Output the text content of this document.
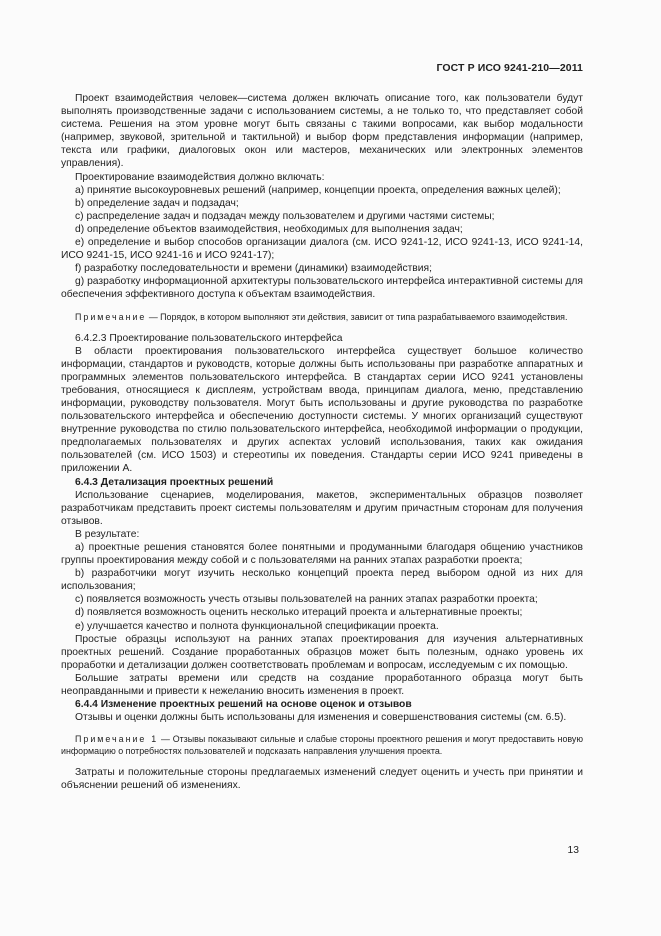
ГОСТ Р ИСО 9241-210—2011

Проект взаимодействия человек—система должен включать описание того, как пользователи будут выполнять производственные задачи с использованием системы, а не только то, что представляет собой система. Решения на этом уровне могут быть связаны с такими вопросами, как выбор модальности (например, звуковой, зрительной и тактильной) и выбор форм представления информации (например, текста или графики, диалоговых окон или мастеров, механических или электронных элементов управления).

Проектирование взаимодействия должно включать:

a) принятие высокоуровневых решений (например, концепции проекта, определения важных целей);

b) определение задач и подзадач;

c) распределение задач и подзадач между пользователем и другими частями системы;

d) определение объектов взаимодействия, необходимых для выполнения задач;

e) определение и выбор способов организации диалога (см. ИСО 9241-12, ИСО 9241-13, ИСО 9241-14, ИСО 9241-15, ИСО 9241-16 и ИСО 9241-17);

f) разработку последовательности и времени (динамики) взаимодействия;

g) разработку информационной архитектуры пользовательского интерфейса интерактивной системы для обеспечения эффективного доступа к объектам взаимодействия.

Примечание — Порядок, в котором выполняют эти действия, зависит от типа разрабатываемого взаимодействия.

6.4.2.3 Проектирование пользовательского интерфейса

В области проектирования пользовательского интерфейса существует большое количество информации, стандартов и руководств, которые должны быть использованы при разработке аппаратных и программных элементов пользовательского интерфейса. В стандартах серии ИСО 9241 установлены требования, относящиеся к дисплеям, устройствам ввода, принципам диалога, меню, представлению информации, руководству пользователя. Могут быть использованы и другие руководства по разработке пользовательского интерфейса и обеспечению доступности системы. У многих организаций существуют внутренние руководства по стилю пользовательского интерфейса, необходимой информации о продукции, предполагаемых пользователях и других аспектах условий использования, таких как ожидания пользователей (см. ИСО 1503) и стереотипы их поведения. Стандарты серии ИСО 9241 приведены в приложении А.

6.4.3 Детализация проектных решений

Использование сценариев, моделирования, макетов, экспериментальных образцов позволяет разработчикам представить проект системы пользователям и другим причастным сторонам для получения отзывов.

В результате:

a) проектные решения становятся более понятными и продуманными благодаря общению участников группы проектирования между собой и с пользователями на ранних этапах разработки проекта;

b) разработчики могут изучить несколько концепций проекта перед выбором одной из них для использования;

c) появляется возможность учесть отзывы пользователей на ранних этапах разработки проекта;

d) появляется возможность оценить несколько итераций проекта и альтернативные проекты;

e) улучшается качество и полнота функциональной спецификации проекта.

Простые образцы используют на ранних этапах проектирования для изучения альтернативных проектных решений. Создание проработанных образцов может быть полезным, однако уровень их проработки и детализации должен соответствовать проблемам и вопросам, исследуемым с их помощью.

Большие затраты времени или средств на создание проработанного образца могут быть неоправданными и привести к нежеланию вносить изменения в проект.

6.4.4 Изменение проектных решений на основе оценок и отзывов

Отзывы и оценки должны быть использованы для изменения и совершенствования системы (см. 6.5).

Примечание 1 — Отзывы показывают сильные и слабые стороны проектного решения и могут предоставить новую информацию о потребностях пользователей и подсказать направления улучшения проекта.

Затраты и положительные стороны предлагаемых изменений следует оценить и учесть при принятии и объяснении решений об изменениях.

13
